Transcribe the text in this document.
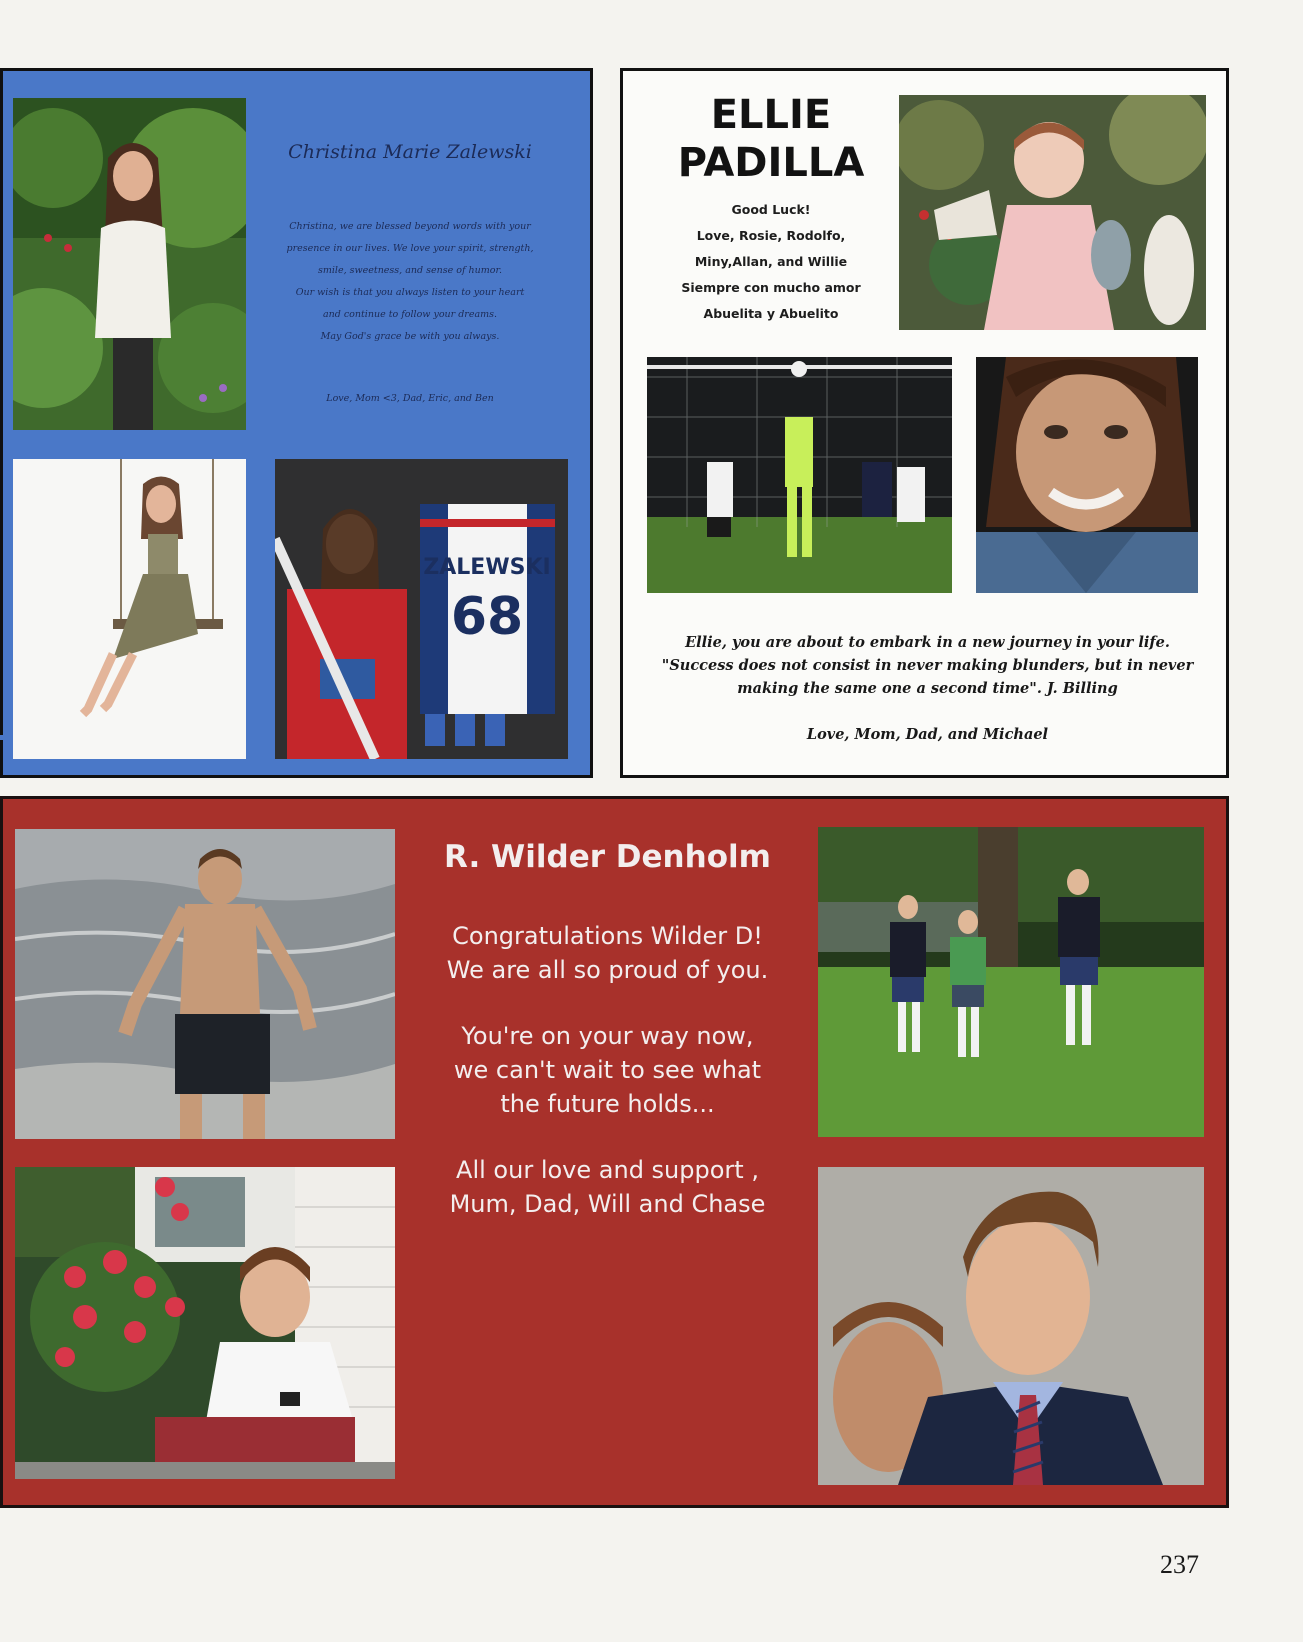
Christina Marie Zalewski
Christina, we are blessed beyond words with your
presence in our lives. We love your spirit, strength,
smile, sweetness, and sense of humor.
Our wish is that you always listen to your heart
and continue to follow your dreams.
May God's grace be with you always.
Love, Mom <3, Dad, Eric, and Ben
ZALEWSKI
68
ELLIE
PADILLA
Good Luck!
Love, Rosie, Rodolfo,
Miny,Allan, and Willie
Siempre con mucho amor
Abuelita y Abuelito
Ellie, you are about to embark in a new journey in your life.
"Success does not consist in never making blunders, but in never
making the same one a second time". J. Billing
Love, Mom, Dad, and Michael
R. Wilder Denholm

Congratulations Wilder D!
We are all so proud of you.

You're on your way now,
we can't wait to see what
the future holds...

All our love and support ,
Mum, Dad, Will and Chase

237
